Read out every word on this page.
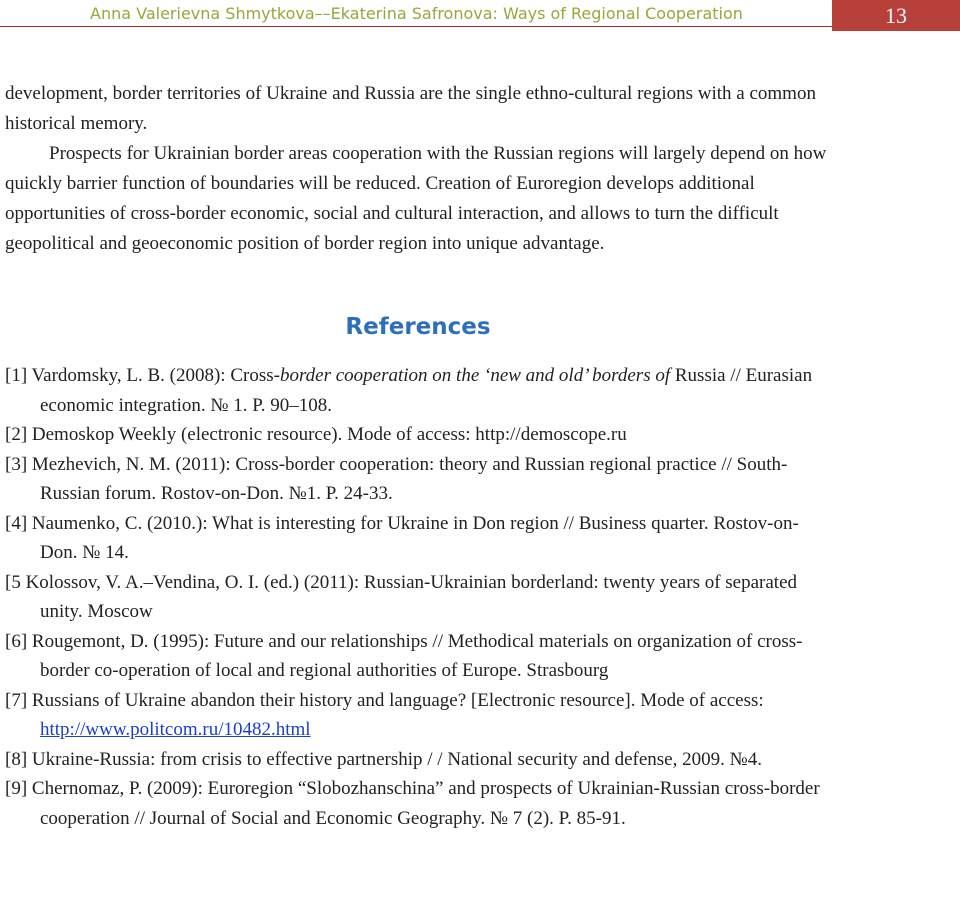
Anna Valerievna Shmytkova––Ekaterina Safronova: Ways of Regional Cooperation	13

development, border territories of Ukraine and Russia are the single ethno-cultural regions with a common historical memory.

Prospects for Ukrainian border areas cooperation with the Russian regions will largely depend on how quickly barrier function of boundaries will be reduced. Creation of Euroregion develops additional opportunities of cross-border economic, social and cultural interaction, and allows to turn the difficult geopolitical and geoeconomic position of border region into unique advantage.

References
[1] Vardomsky, L. B. (2008): Cross-border cooperation on the ‘new and old’ borders of Russia // Eurasian economic integration. № 1. P. 90–108.
[2] Demoskop Weekly (electronic resource). Mode of access: http://demoscope.ru
[3] Mezhevich, N. M. (2011): Cross-border cooperation: theory and Russian regional practice // South-Russian forum. Rostov-on-Don. №1. P. 24-33.
[4] Naumenko, C. (2010.): What is interesting for Ukraine in Don region // Business quarter. Rostov-on-Don. № 14.
[5 Kolossov, V. A.–Vendina, O. I. (ed.) (2011): Russian-Ukrainian borderland: twenty years of separated unity. Moscow
[6] Rougemont, D. (1995): Future and our relationships // Methodical materials on organization of cross-border co-operation of local and regional authorities of Europe. Strasbourg
[7] Russians of Ukraine abandon their history and language? [Electronic resource]. Mode of access: http://www.politcom.ru/10482.html
[8] Ukraine-Russia: from crisis to effective partnership / / National security and defense, 2009. №4.
[9] Chernomaz, P. (2009): Euroregion “Slobozhanschina” and prospects of Ukrainian-Russian cross-border cooperation // Journal of Social and Economic Geography. № 7 (2). P. 85-91.
